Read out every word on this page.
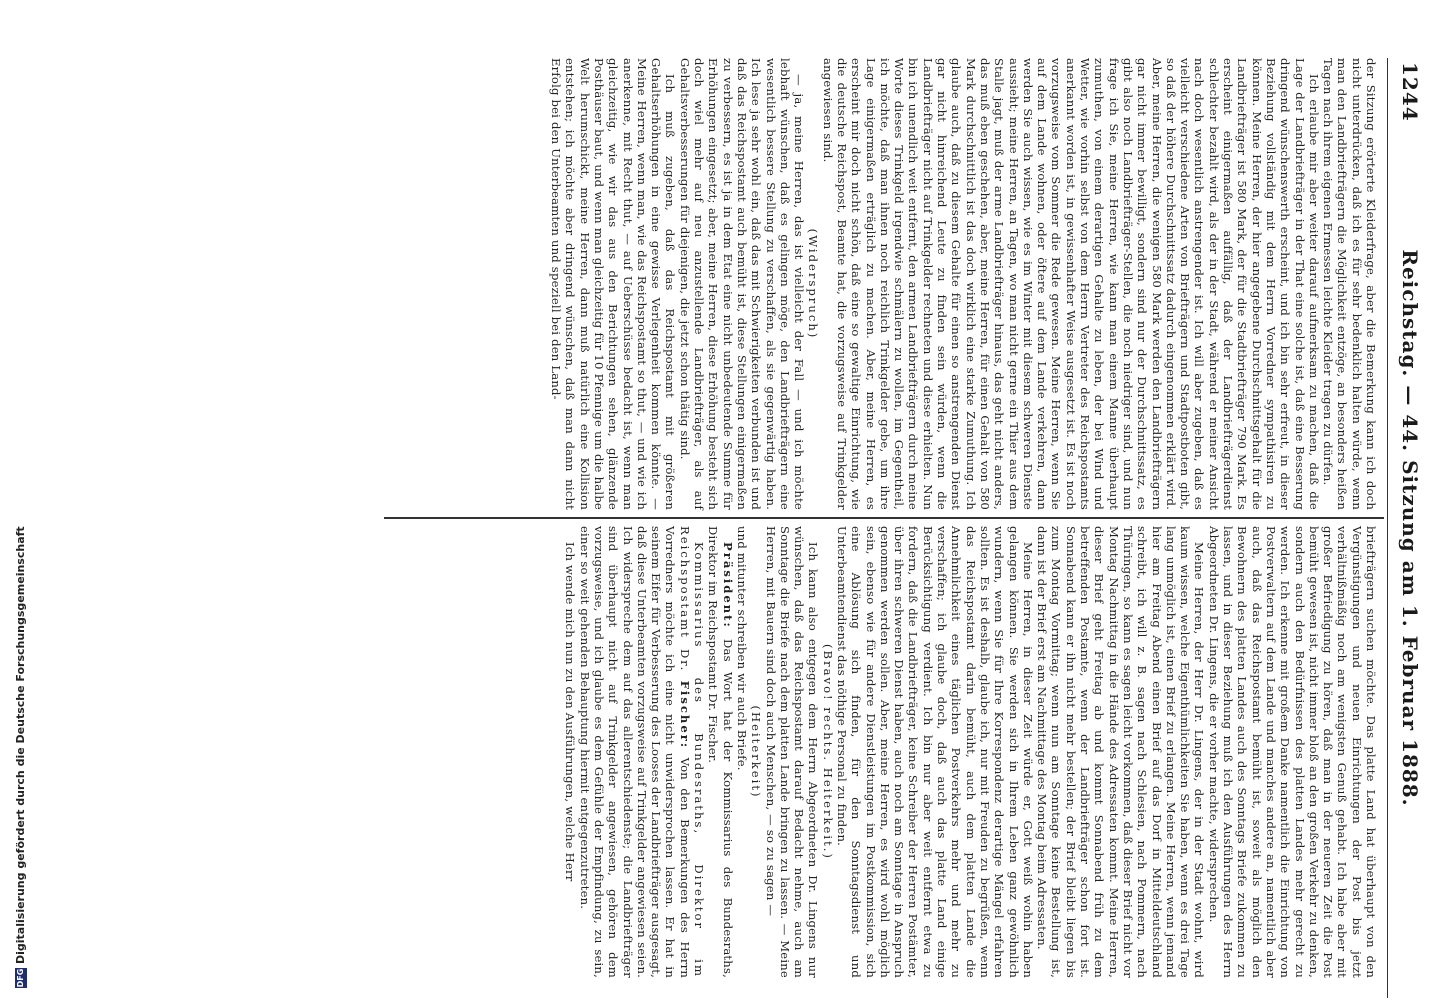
DFG
Digitalisierung gefördert durch die Deutsche Forschungsgemeinschaft
1244
Reichstag. — 44. Sitzung am 1. Februar 1888.

der Sitzung erörterte Kleiderfrage, aber die Bemerkung kann ich doch nicht unterdrücken, daß ich es für sehr bedenklich halten würde, wenn man den Landbriefträgern die Möglichkeit entzöge, an besonders heißen Tagen nach ihrem eigenen Ermessen leichte Kleider tragen zu dürfen.

Ich erlaube mir aber weiter darauf aufmerksam zu machen, daß die Lage der Landbriefträger in der That eine solche ist, daß eine Besserung dringend wünschenswerth erscheint, und ich bin sehr erfreut, in dieser Beziehung vollständig mit dem Herrn Vorredner sympathisiren zu können. Meine Herren, der hier angegebene Durchschnittsgehalt für die Landbriefträger ist 580 Mark, der für die Stadtbriefträger 790 Mark. Es erscheint einigermaßen auffällig, daß der Landbriefträgerdienst schlechter bezahlt wird, als der in der Stadt, während er meiner Ansicht nach doch wesentlich anstrengender ist. Ich will aber zugeben, daß es vielleicht verschiedene Arten von Briefträgern und Stadtpostboten gibt, so daß der höhere Durchschnittssatz dadurch eingenommen erklärt wird. Aber, meine Herren, die wenigen 580 Mark werden den Landbriefträgern gar nicht immer bewilligt, sondern sind nur der Durchschnittssatz, es gibt also noch Landbriefträger-Stellen, die noch niedriger sind, und nun frage ich Sie, meine Herren, wie kann man einem Manne überhaupt zumuthen, von einem derartigen Gehalte zu leben, der bei Wind und Wetter, wie vorhin selbst von dem Herrn Vertreter des Reichspostamts anerkannt worden ist, in gewissenhafter Weise ausgesetzt ist. Es ist noch vorzugsweise vom Sommer die Rede gewesen. Meine Herren, wenn Sie auf dem Lande wohnen, oder öftere auf dem Lande verkehren, dann werden Sie auch wissen, wie es im Winter mit diesem schweren Dienste aussieht; meine Herren, an Tagen, wo man nicht gerne ein Thier aus dem Stalle jagt, muß der arme Landbriefträger hinaus, das geht nicht anders, das muß eben geschehen, aber, meine Herren, für einen Gehalt von 580 Mark durchschnittlich ist das doch wirklich eine starke Zumuthung. Ich glaube auch, daß zu diesem Gehalte für einen so anstrengenden Dienst gar nicht hinreichend Leute zu finden sein würden, wenn die Landbriefträger nicht auf Trinkgelder rechneten und diese erhielten. Nun bin ich unendlich weit entfernt, den armen Landbriefträgern durch meine Worte dieses Trinkgeld irgendwie schmälern zu wollen, im Gegentheil, ich möchte, daß man ihnen noch reichlich Trinkgelder gebe, um ihre Lage einigermaßen erträglich zu machen. Aber, meine Herren, es erscheint mir doch nicht schön, daß eine so gewaltige Einrichtung, wie die deutsche Reichspost, Beamte hat, die vorzugsweise auf Trinkgelder angewiesen sind.

(Widerspruch)

— ja, meine Herren, das ist vielleicht der Fall — und ich möchte lebhaft wünschen, daß es gelingen möge, den Landbriefträgern eine wesentlich bessere Stellung zu verschaffen, als sie gegenwärtig haben. Ich lese ja sehr wohl ein, daß das mit Schwierigkeiten verbunden ist und daß das Reichspostamt auch bemüht ist, diese Stellungen einigermaßen zu verbessern, es ist ja in dem Etat eine nicht unbedeutende Summe für Erhöhungen eingesetzt; aber, meine Herren, diese Erhöhung besteht sich doch wiel mehr auf neu anzustellende Landbriefträger, als auf Gehaltsverbesserungen für diejenigen, die jetzt schon thätig sind.

Ich muß zugeben, daß das Reichspostamt mit größeren Gehaltserhöhungen in eine gewisse Verlegenheit kommen könnte. — Meine Herren, wenn man, wie das Reichspostamt so thut, — und wie ich anerkenne, mit Recht thut, — auf Ueberschüsse bedacht ist, wenn man gleichzeitig, wie wir das aus den Berichtungen sehen, glänzende Posthäuser baut, und wenn man gleichzeitig für 10 Pfennige um die halbe Welt herumschickt, meine Herren, dann muß natürlich eine Kollision entstehen; ich möchte aber dringend wünschen, daß man dann nicht Erfolg bei den Unterbeamten und speziell bei den Land-

briefträgern suchen möchte. Das platte Land hat überhaupt von den Vergünstigungen und neuen Einrichtungen der Post bis jetzt verhältnißmäßig noch am wenigsten Genuß gehabt. Ich habe aber mit großer Befriedigung zu hören, daß man in der neueren Zeit die Post bemüht gewesen ist, nicht immer bloß an den großen Verkehr zu denken, sondern auch den Bedürfnissen des platten Landes mehr gerecht zu werden. Ich erkenne mit großem Danke namentlich die Einrichtung von Postverwaltern auf dem Lande und manches andere an, namentlich aber auch, daß das Reichspostamt bemüht ist, soweit als möglich den Bewohnern des platten Landes auch des Sonntags Briefe zukommen zu lassen, und in dieser Beziehung muß ich den Ausführungen des Herrn Abgeordneten Dr. Lingens, die er vorher machte, widersprechen.

Meine Herren, der Herr Dr. Lingens, der in der Stadt wohnt, wird kaum wissen, welche Eigenthümlichkeiten Sie haben, wenn es drei Tage lang unmöglich ist, einen Brief zu erlangen. Meine Herren, wenn jemand hier am Freitag Abend einen Brief auf das Dorf in Mitteldeutschland schreibt, ich will z. B. sagen nach Schlesien, nach Pommern, nach Thüringen, so kann es sagen leicht vorkommen, daß dieser Brief nicht vor Montag Nachmittag in die Hände des Adressaten kommt. Meine Herren, dieser Brief geht Freitag ab und kommt Sonnabend früh zu dem betreffenden Postamte, wenn der Landbriefträger schon fort ist. Sonnabend kann er ihn nicht mehr bestellen; der Brief bleibt liegen bis zum Montag Vormittag; wenn nun am Sonntage keine Bestellung ist, dann ist der Brief erst am Nachmittage des Montag beim Adressaten.

Meine Herren, in dieser Zeit würde er, Gott weiß wohin haben gelangen können. Sie werden sich in Ihrem Leben ganz gewöhnlich wundern, wenn Sie für Ihre Korrespondenz derartige Mängel erfahren sollten. Es ist deshalb, glaube ich, nur mit Freuden zu begrüßen, wenn das Reichspostamt darin bemüht, auch dem platten Lande die Annehmlichkeit eines täglichen Postverkehrs mehr und mehr zu verschaffen; ich glaube doch, daß auch das platte Land einige Berücksichtigung verdient. Ich bin nur aber weit entfernt etwa zu fordern, daß die Landbriefträger, keine Schreiber der Herren Postämter, über ihren schweren Dienst haben, auch noch am Sonntage in Anspruch genommen werden sollen. Aber, meine Herren, es wird wohl möglich sein, ebenso wie für andere Dienstleistungen im Postkommission, sich eine Ablösung sich finden, für den Sonntagsdienst und Unterbeamtendienst das nöthige Personal zu finden.

(Bravo! rechts. Heiterkeit.)

Ich kann also entgegen dem Herrn Abgeordneten Dr. Lingens nur wünschen, daß das Reichspostamt darauf Bedacht nehme, auch am Sonntage die Briefe nach dem platten Lande bringen zu lassen. — Meine Herren, mit Bauern sind doch auch Menschen, — so zu sagen —

(Heiterkeit)

und mitunter schreiben wir auch Briefe.

Präsident: Das Wort hat der Kommissarius des Bundesraths, Direktor im Reichspostamt Dr. Fischer.

Kommissarius des Bundesraths, Direktor im Reichspostamt Dr. Fischer: Von den Bemerkungen des Herrn Vorredners möchte ich eine nicht unwidersprochen lassen. Er hat in seinem Eifer für Verbesserung des Looses der Landbriefträger ausgesagt, daß diese Unterbeamten vorzugsweise auf Trinkgelder angewiesen seien. Ich widerspreche dem auf das allerentschiedenste; die Landbriefträger sind überhaupt nicht auf Trinkgelder angewiesen, gehören dem vorzugsweise, und ich glaube es dem Gefühle der Empfindung, zu sein, einer so weit gehenden Behauptung hiermit entgegenzutreten.

Ich wende mich nun zu den Ausführungen, welche Herr
